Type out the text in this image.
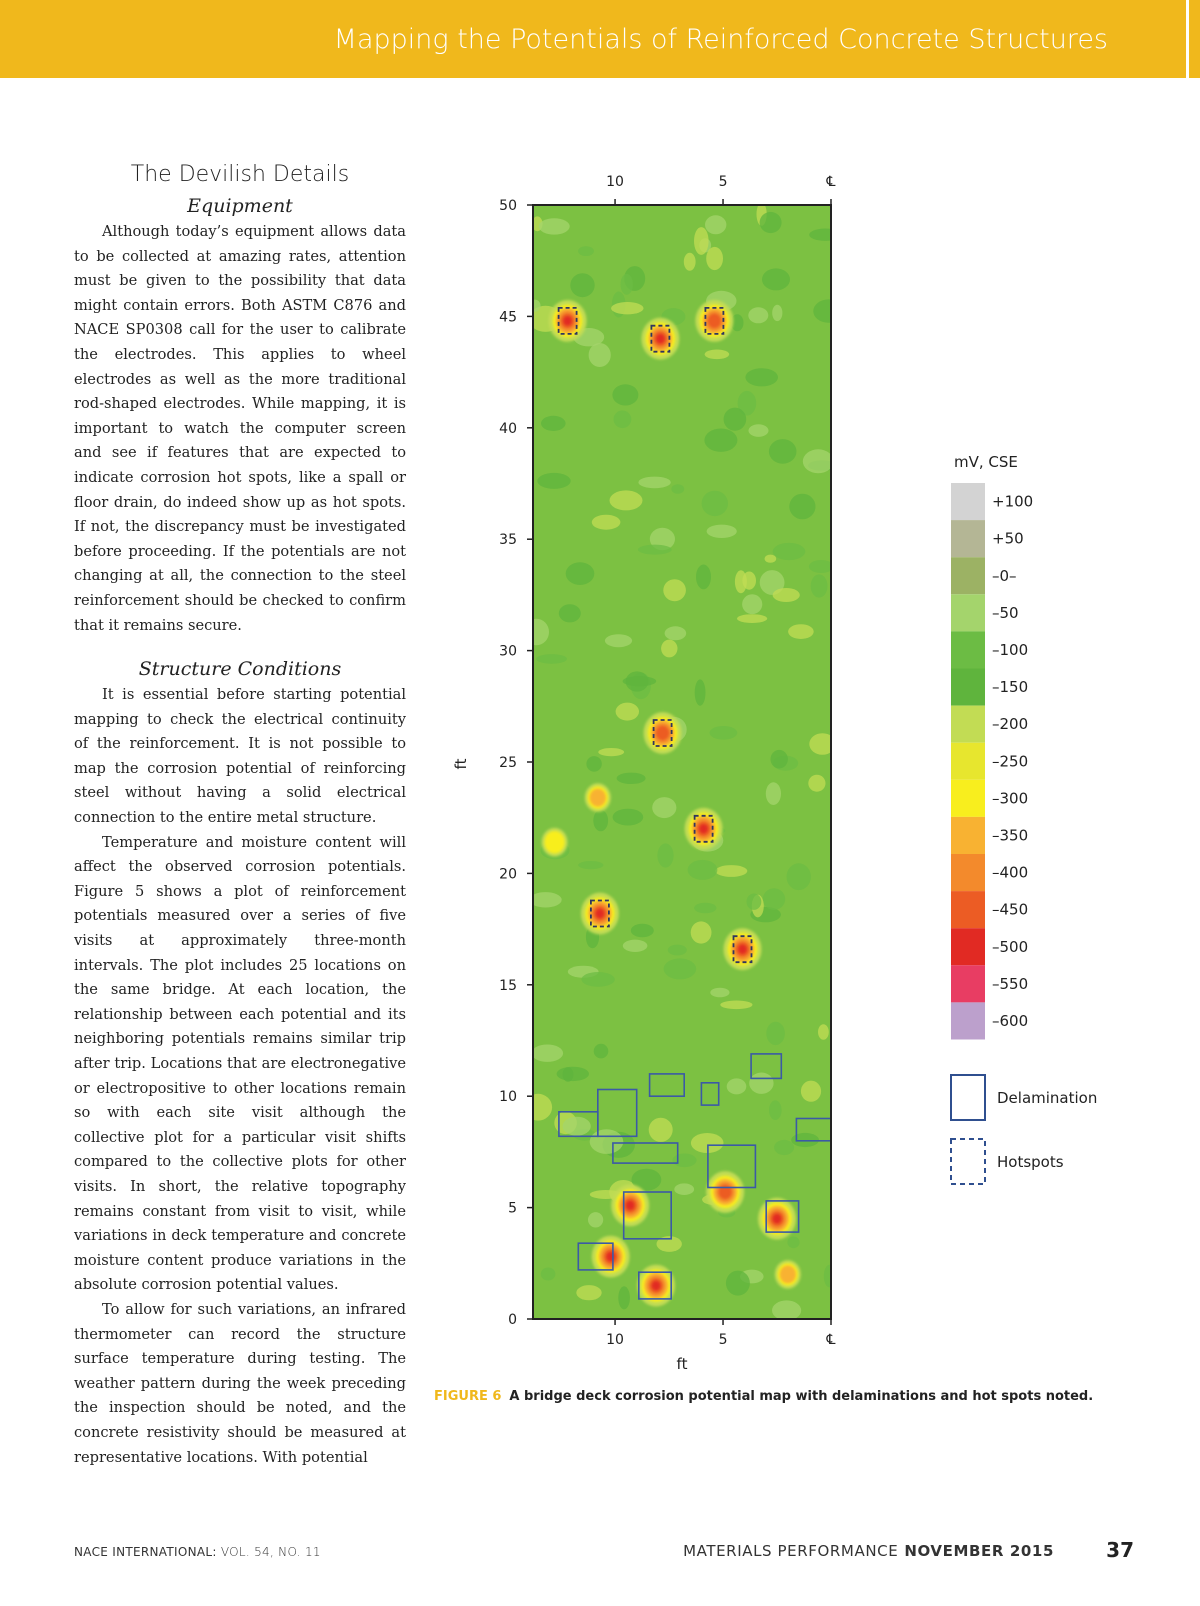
Mapping the Potentials of Reinforced Concrete Structures
The Devilish Details
Equipment

Although today’s equipment allows data to be collected at amazing rates, attention must be given to the possibility that data might contain errors. Both ASTM C876 and NACE SP0308 call for the user to calibrate the electrodes. This applies to wheel electrodes as well as the more traditional rod-shaped electrodes. While mapping, it is important to watch the computer screen and see if features that are expected to indicate corrosion hot spots, like a spall or floor drain, do indeed show up as hot spots. If not, the discrepancy must be investigated before proceeding. If the potentials are not changing at all, the connection to the steel reinforcement should be checked to confirm that it remains secure.

Structure Conditions

It is essential before starting potential mapping to check the electrical continuity of the reinforcement. It is not possible to map the corrosion potential of reinforcing steel without having a solid electrical connection to the entire metal structure.

Temperature and moisture content will affect the observed corrosion potentials. Figure 5 shows a plot of reinforcement potentials measured over a series of five visits at approximately three-month intervals. The plot includes 25 locations on the same bridge. At each location, the relationship between each potential and its neighboring potentials remains similar trip after trip. Locations that are electronegative or electropositive to other locations remain so with each site visit although the collective plot for a particular visit shifts compared to the collective plots for other visits. In short, the relative topography remains constant from visit to visit, while variations in deck temperature and concrete moisture content produce variations in the absolute corrosion potential values.

To allow for such variations, an infrared thermometer can record the structure surface temperature during testing. The weather pattern during the week preceding the inspection should be noted, and the concrete resistivity should be measured at representative locations. With potential

0
5
10
15
20
25
30
35
40
45
50
10
10
5
5
℄
℄
ft
ft
mV, CSE
+100
+50
–0–
–50
–100
–150
–200
–250
–300
–350
–400
–450
–500
–550
–600
Delamination
Hotspots
FIGURE 6 A bridge deck corrosion potential map with delaminations and hot spots noted.
NACE INTERNATIONAL: VOL. 54, NO. 11	MATERIALS PERFORMANCE NOVEMBER 2015	37
